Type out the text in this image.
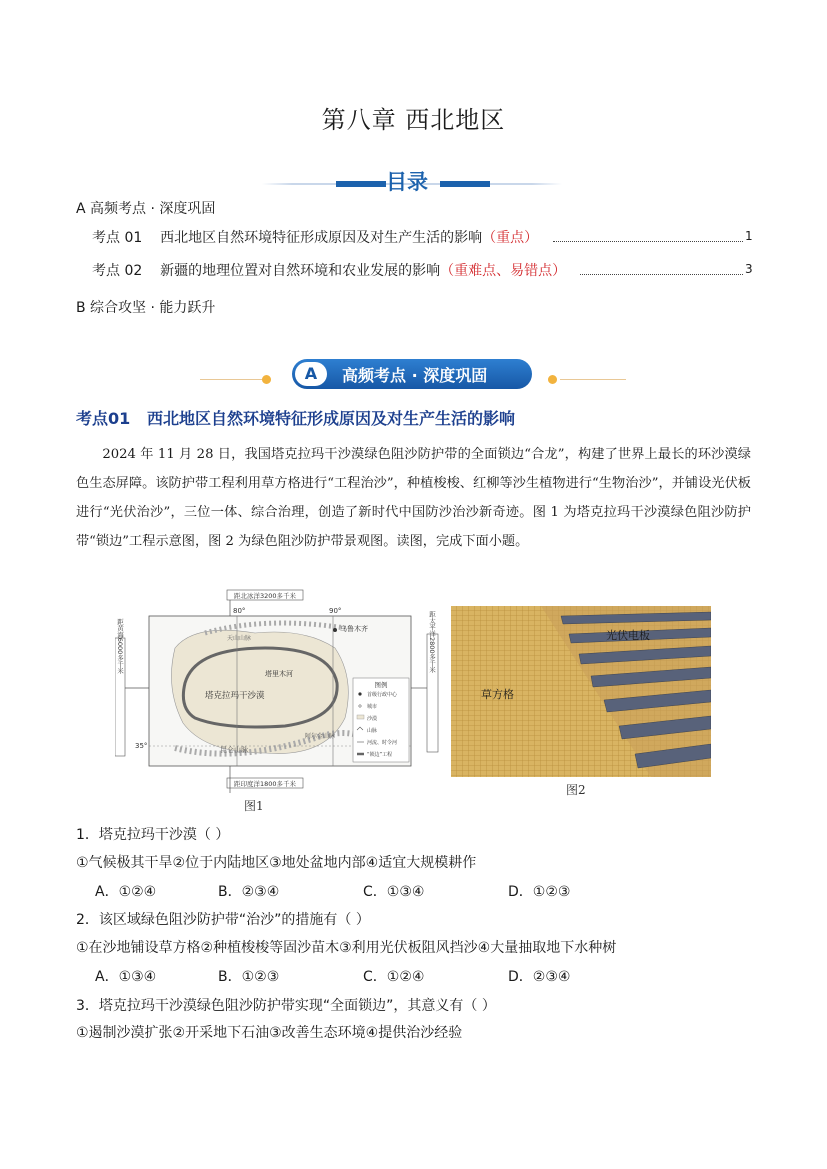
第八章 西北地区
目录
A 高频考点 · 深度巩固
考点 01 西北地区自然环境特征形成原因及对生产生活的影响（重点）	1
考点 02 新疆的地理位置对自然环境和农业发展的影响（重难点、易错点）	3
B 综合攻坚 · 能力跃升
A	高频考点 · 深度巩固
考点01 西北地区自然环境特征形成原因及对生产生活的影响

2024 年 11 月 28 日，我国塔克拉玛干沙漠绿色阻沙防护带的全面锁边“合龙”，构建了世界上最长的环沙漠绿色生态屏障。该防护带工程利用草方格进行“工程治沙”，种植梭梭、红柳等沙生植物进行“生物治沙”，并铺设光伏板进行“光伏治沙”，三位一体、综合治理，创造了新时代中国防沙治沙新奇迹。图 1 为塔克拉玛干沙漠绿色阻沙防护带“锁边”工程示意图，图 2 为绿色阻沙防护带景观图。读图，完成下面小题。

距北冰洋3200多千米
距印度洋1800多千米
距黄海6000多千米	距太平洋2800多千米
80°	90°
35°
乌鲁木齐
天山山脉
塔里木河
塔克拉玛干沙漠
昆仑山脉
阿尔金山脉
图例
首级行政中心
城市
沙漠
山脉
河流、时令河
“锁边”工程
图1
光伏电板
草方格
图2
1．塔克拉玛干沙漠（ ）
①气候极其干旱②位于内陆地区③地处盆地内部④适宜大规模耕作
A．①②④	B．②③④	C．①③④	D．①②③
2．该区域绿色阻沙防护带“治沙”的措施有（ ）
①在沙地铺设草方格②种植梭梭等固沙苗木③利用光伏板阻风挡沙④大量抽取地下水种树
A．①③④	B．①②③	C．①②④	D．②③④
3．塔克拉玛干沙漠绿色阻沙防护带实现“全面锁边”，其意义有（ ）
①遏制沙漠扩张②开采地下石油③改善生态环境④提供治沙经验
